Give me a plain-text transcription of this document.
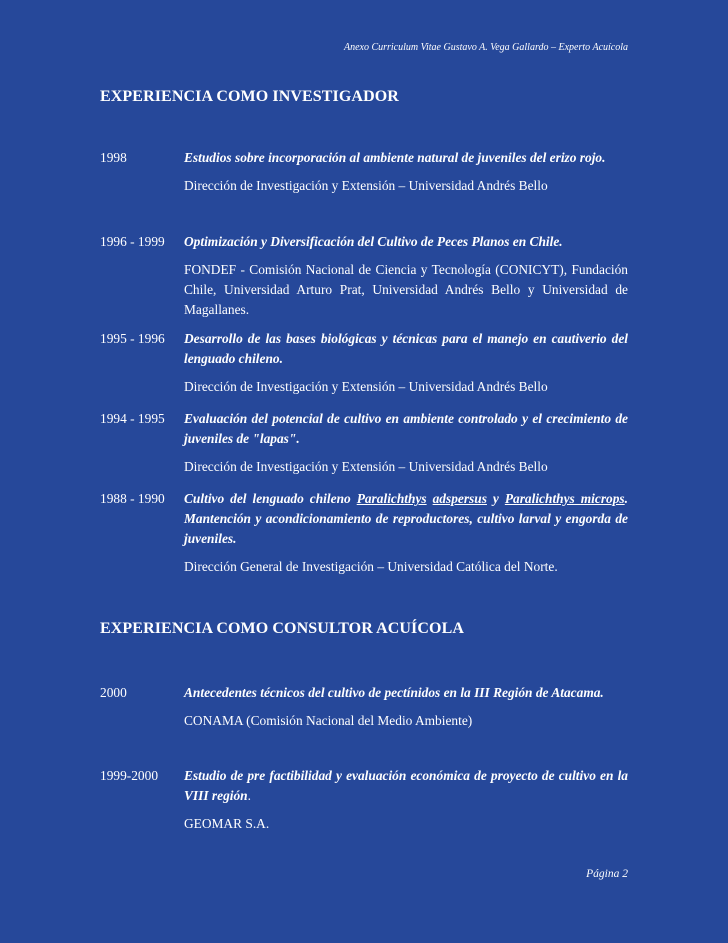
Anexo Curriculum Vitae Gustavo A. Vega Gallardo – Experto Acuícola
EXPERIENCIA COMO INVESTIGADOR
1998	Estudios sobre incorporación al ambiente natural de juveniles del erizo rojo.
Dirección de Investigación y Extensión – Universidad Andrés Bello
1996 - 1999	Optimización y Diversificación del Cultivo de Peces Planos en Chile.
FONDEF - Comisión Nacional de Ciencia y Tecnología (CONICYT), Fundación Chile, Universidad Arturo Prat, Universidad Andrés Bello y Universidad de Magallanes.
1995 - 1996	Desarrollo de las bases biológicas y técnicas para el manejo en cautiverio del lenguado chileno.
Dirección de Investigación y Extensión – Universidad Andrés Bello
1994 - 1995	Evaluación del potencial de cultivo en ambiente controlado y el crecimiento de juveniles de "lapas".
Dirección de Investigación y Extensión – Universidad Andrés Bello
1988 - 1990	Cultivo del lenguado chileno Paralichthys adspersus y Paralichthys microps. Mantención y acondicionamiento de reproductores, cultivo larval y engorda de juveniles.
Dirección General de Investigación – Universidad Católica del Norte.
EXPERIENCIA COMO CONSULTOR ACUÍCOLA
2000	Antecedentes técnicos del cultivo de pectínidos en la III Región de Atacama.
CONAMA (Comisión Nacional del Medio Ambiente)
1999-2000	Estudio de pre factibilidad y evaluación económica de proyecto de cultivo en la VIII región.
GEOMAR S.A.
Página 2
